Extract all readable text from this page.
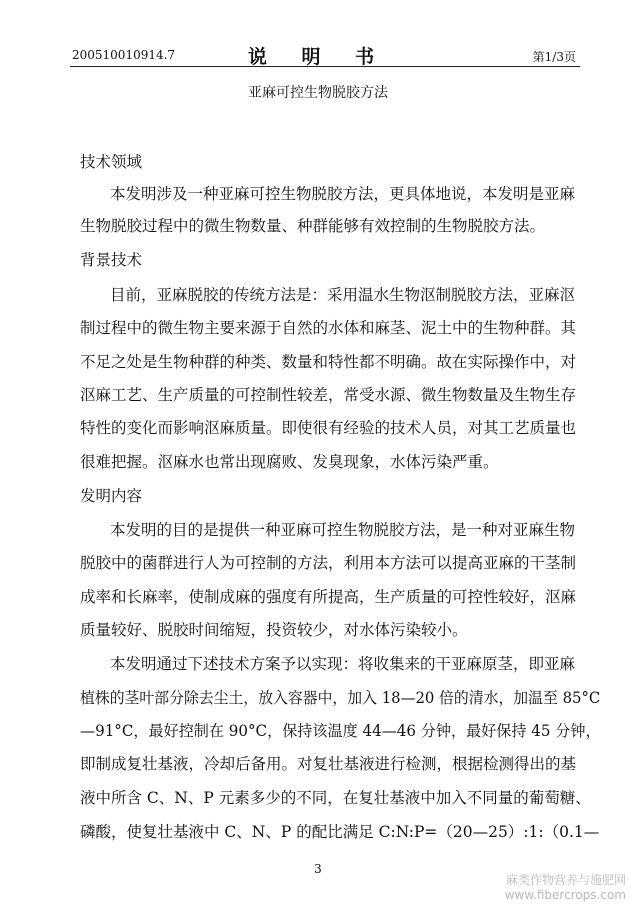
200510010914.7	说 明 书	第1/3页
亚麻可控生物脱胶方法
技术领域
本发明涉及一种亚麻可控生物脱胶方法，更具体地说，本发明是亚麻
生物脱胶过程中的微生物数量、种群能够有效控制的生物脱胶方法。
背景技术
目前，亚麻脱胶的传统方法是：采用温水生物沤制脱胶方法，亚麻沤
制过程中的微生物主要来源于自然的水体和麻茎、泥土中的生物种群。其
不足之处是生物种群的种类、数量和特性都不明确。故在实际操作中，对
沤麻工艺、生产质量的可控制性较差，常受水源、微生物数量及生物生存
特性的变化而影响沤麻质量。即使很有经验的技术人员，对其工艺质量也
很难把握。沤麻水也常出现腐败、发臭现象，水体污染严重。
发明内容
本发明的目的是提供一种亚麻可控生物脱胶方法，是一种对亚麻生物
脱胶中的菌群进行人为可控制的方法，利用本方法可以提高亚麻的干茎制
成率和长麻率，使制成麻的强度有所提高，生产质量的可控性较好，沤麻
质量较好、脱胶时间缩短，投资较少，对水体污染较小。
本发明通过下述技术方案予以实现：将收集来的干亚麻原茎，即亚麻
植株的茎叶部分除去尘土，放入容器中，加入 18—20 倍的清水，加温至 85°C
—91°C，最好控制在 90°C，保持该温度 44—46 分钟，最好保持 45 分钟，
即制成复壮基液，冷却后备用。对复壮基液进行检测，根据检测得出的基
液中所含 C、N、P 元素多少的不同，在复壮基液中加入不同量的葡萄糖、
磷酸，使复壮基液中 C、N、P 的配比满足 C:N:P=（20—25）:1:（0.1—
3
麻类作物营养与施肥网
www.fibercrops.com
